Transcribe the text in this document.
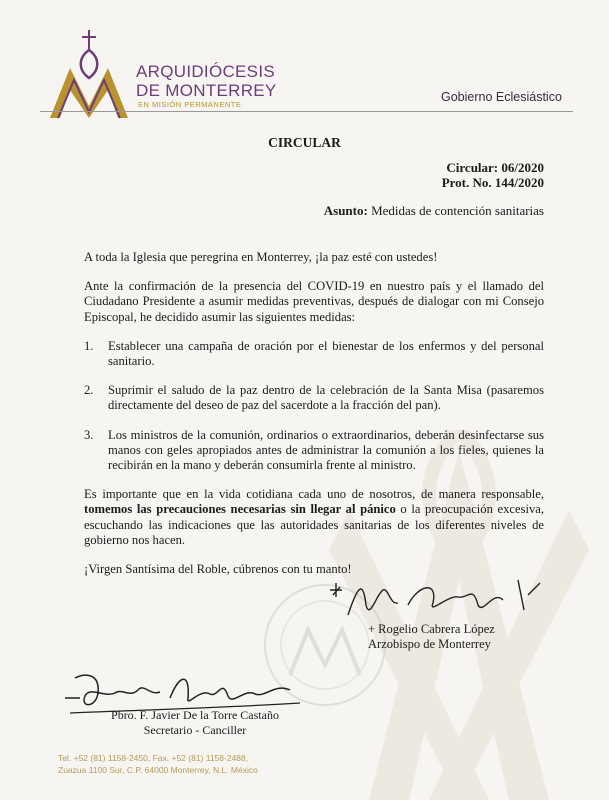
ARQUIDIÓCESIS
DE MONTERREY
EN MISIÓN PERMANENTE
Gobierno Eclesiástico
CIRCULAR
Circular: 06/2020
Prot. No. 144/2020
Asunto: Medidas de contención sanitarias

A toda la Iglesia que peregrina en Monterrey, ¡la paz esté con ustedes!

Ante la confirmación de la presencia del COVID-19 en nuestro país y el llamado del Ciudadano Presidente a asumir medidas preventivas, después de dialogar con mi Consejo Episcopal, he decidido asumir las siguientes medidas:

1.	Establecer una campaña de oración por el bienestar de los enfermos y del personal sanitario.
2.	Suprimir el saludo de la paz dentro de la celebración de la Santa Misa (pasaremos directamente del deseo de paz del sacerdote a la fracción del pan).
3.	Los ministros de la comunión, ordinarios o extraordinarios, deberán desinfectarse sus manos con geles apropiados antes de administrar la comunión a los fieles, quienes la recibirán en la mano y deberán consumirla frente al ministro.

Es importante que en la vida cotidiana cada uno de nosotros, de manera responsable, tomemos las precauciones necesarias sin llegar al pánico o la preocupación excesiva, escuchando las indicaciones que las autoridades sanitarias de los diferentes niveles de gobierno nos hacen.

¡Virgen Santísima del Roble, cúbrenos con tu manto!

+ Rogelio Cabrera López
Arzobispo de Monterrey
Pbro. F. Javier De la Torre Castaño
Secretario - Canciller
Tel. +52 (81) 1158-2450, Fax. +52 (81) 1158-2488,
Zuazua 1100 Sur, C.P. 64000 Monterrey, N.L. México
